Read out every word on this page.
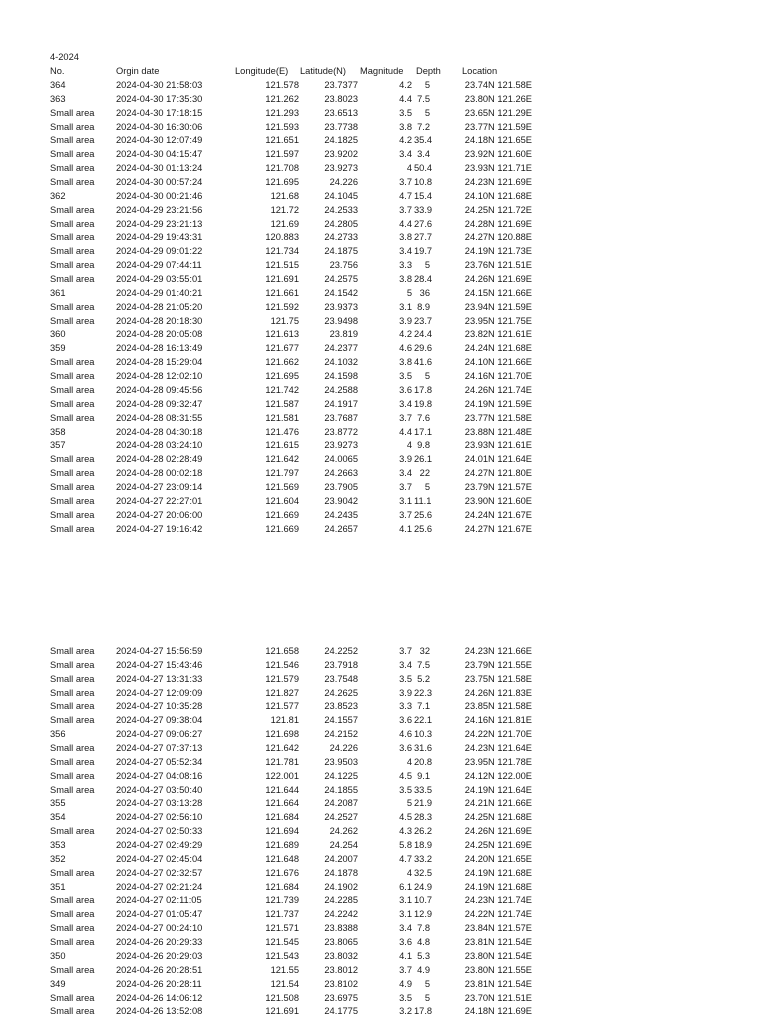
4-2024
No.	Orgin date	Longitude(E) Latitude(N) Magnitude Depth Location
364	2024-04-30 21:58:03	121.578	23.7377	4.2	5	23.74N 121.58E
363	2024-04-30 17:35:30	121.262	23.8023	4.4 7.5	23.80N 121.26E
Small area 2024-04-30 17:18:15	121.293	23.6513	3.5	5	23.65N 121.29E
Small area 2024-04-30 16:30:06	121.593	23.7738	3.8 7.2	23.77N 121.59E
Small area 2024-04-30 12:07:49	121.651	24.1825	4.2 35.4	24.18N 121.65E
Small area 2024-04-30 04:15:47	121.597	23.9202	3.4 3.4	23.92N 121.60E
Small area 2024-04-30 01:13:24	121.708	23.9273	4 50.4	23.93N 121.71E
Small area 2024-04-30 00:57:24	121.695	24.226	3.7 10.8	24.23N 121.69E
362	2024-04-30 00:21:46	121.68	24.1045	4.7 15.4	24.10N 121.68E
Small area 2024-04-29 23:21:56	121.72	24.2533	3.7 33.9	24.25N 121.72E
Small area 2024-04-29 23:21:13	121.69	24.2805	4.4 27.6	24.28N 121.69E
Small area 2024-04-29 19:43:31	120.883	24.2733	3.8 27.7	24.27N 120.88E
Small area 2024-04-29 09:01:22	121.734	24.1875	3.4 19.7	24.19N 121.73E
Small area 2024-04-29 07:44:11	121.515	23.756	3.3	5	23.76N 121.51E
Small area 2024-04-29 03:55:01	121.691	24.2575	3.8 28.4	24.26N 121.69E
361	2024-04-29 01:40:21	121.661	24.1542	5 36	24.15N 121.66E
Small area 2024-04-28 21:05:20	121.592	23.9373	3.1 8.9	23.94N 121.59E
Small area 2024-04-28 20:18:30	121.75	23.9498	3.9 23.7	23.95N 121.75E
360	2024-04-28 20:05:08	121.613	23.819	4.2 24.4	23.82N 121.61E
359	2024-04-28 16:13:49	121.677	24.2377	4.6 29.6	24.24N 121.68E
Small area 2024-04-28 15:29:04	121.662	24.1032	3.8 41.6	24.10N 121.66E
Small area 2024-04-28 12:02:10	121.695	24.1598	3.5	5	24.16N 121.70E
Small area 2024-04-28 09:45:56	121.742	24.2588	3.6 17.8	24.26N 121.74E
Small area 2024-04-28 09:32:47	121.587	24.1917	3.4 19.8	24.19N 121.59E
Small area 2024-04-28 08:31:55	121.581	23.7687	3.7 7.6	23.77N 121.58E
358	2024-04-28 04:30:18	121.476	23.8772	4.4 17.1	23.88N 121.48E
357	2024-04-28 03:24:10	121.615	23.9273	4 9.8	23.93N 121.61E
Small area 2024-04-28 02:28:49	121.642	24.0065	3.9 26.1	24.01N 121.64E
Small area 2024-04-28 00:02:18	121.797	24.2663	3.4 22	24.27N 121.80E
Small area 2024-04-27 23:09:14	121.569	23.7905	3.7	5	23.79N 121.57E
Small area 2024-04-27 22:27:01	121.604	23.9042	3.1 11.1	23.90N 121.60E
Small area 2024-04-27 20:06:00	121.669	24.2435	3.7 25.6	24.24N 121.67E
Small area 2024-04-27 19:16:42	121.669	24.2657	4.1 25.6	24.27N 121.67E
Small area 2024-04-27 15:56:59	121.658	24.2252	3.7 32	24.23N 121.66E
Small area 2024-04-27 15:43:46	121.546	23.7918	3.4 7.5	23.79N 121.55E
Small area 2024-04-27 13:31:33	121.579	23.7548	3.5 5.2	23.75N 121.58E
Small area 2024-04-27 12:09:09	121.827	24.2625	3.9 22.3	24.26N 121.83E
Small area 2024-04-27 10:35:28	121.577	23.8523	3.3 7.1	23.85N 121.58E
Small area 2024-04-27 09:38:04	121.81	24.1557	3.6 22.1	24.16N 121.81E
356	2024-04-27 09:06:27	121.698	24.2152	4.6 10.3	24.22N 121.70E
Small area 2024-04-27 07:37:13	121.642	24.226	3.6 31.6	24.23N 121.64E
Small area 2024-04-27 05:52:34	121.781	23.9503	4 20.8	23.95N 121.78E
Small area 2024-04-27 04:08:16	122.001	24.1225	4.5 9.1	24.12N 122.00E
Small area 2024-04-27 03:50:40	121.644	24.1855	3.5 33.5	24.19N 121.64E
355	2024-04-27 03:13:28	121.664	24.2087	5 21.9	24.21N 121.66E
354	2024-04-27 02:56:10	121.684	24.2527	4.5 28.3	24.25N 121.68E
Small area 2024-04-27 02:50:33	121.694	24.262	4.3 26.2	24.26N 121.69E
353	2024-04-27 02:49:29	121.689	24.254	5.8 18.9	24.25N 121.69E
352	2024-04-27 02:45:04	121.648	24.2007	4.7 33.2	24.20N 121.65E
Small area 2024-04-27 02:32:57	121.676	24.1878	4 32.5	24.19N 121.68E
351	2024-04-27 02:21:24	121.684	24.1902	6.1 24.9	24.19N 121.68E
Small area 2024-04-27 02:11:05	121.739	24.2285	3.1 10.7	24.23N 121.74E
Small area 2024-04-27 01:05:47	121.737	24.2242	3.1 12.9	24.22N 121.74E
Small area 2024-04-27 00:24:10	121.571	23.8388	3.4 7.8	23.84N 121.57E
Small area 2024-04-26 20:29:33	121.545	23.8065	3.6 4.8	23.81N 121.54E
350	2024-04-26 20:29:03	121.543	23.8032	4.1 5.3	23.80N 121.54E
Small area 2024-04-26 20:28:51	121.55	23.8012	3.7 4.9	23.80N 121.55E
349	2024-04-26 20:28:11	121.54	23.8102	4.9	5	23.81N 121.54E
Small area 2024-04-26 14:06:12	121.508	23.6975	3.5	5	23.70N 121.51E
Small area 2024-04-26 13:52:08	121.691	24.1775	3.2 17.8	24.18N 121.69E
